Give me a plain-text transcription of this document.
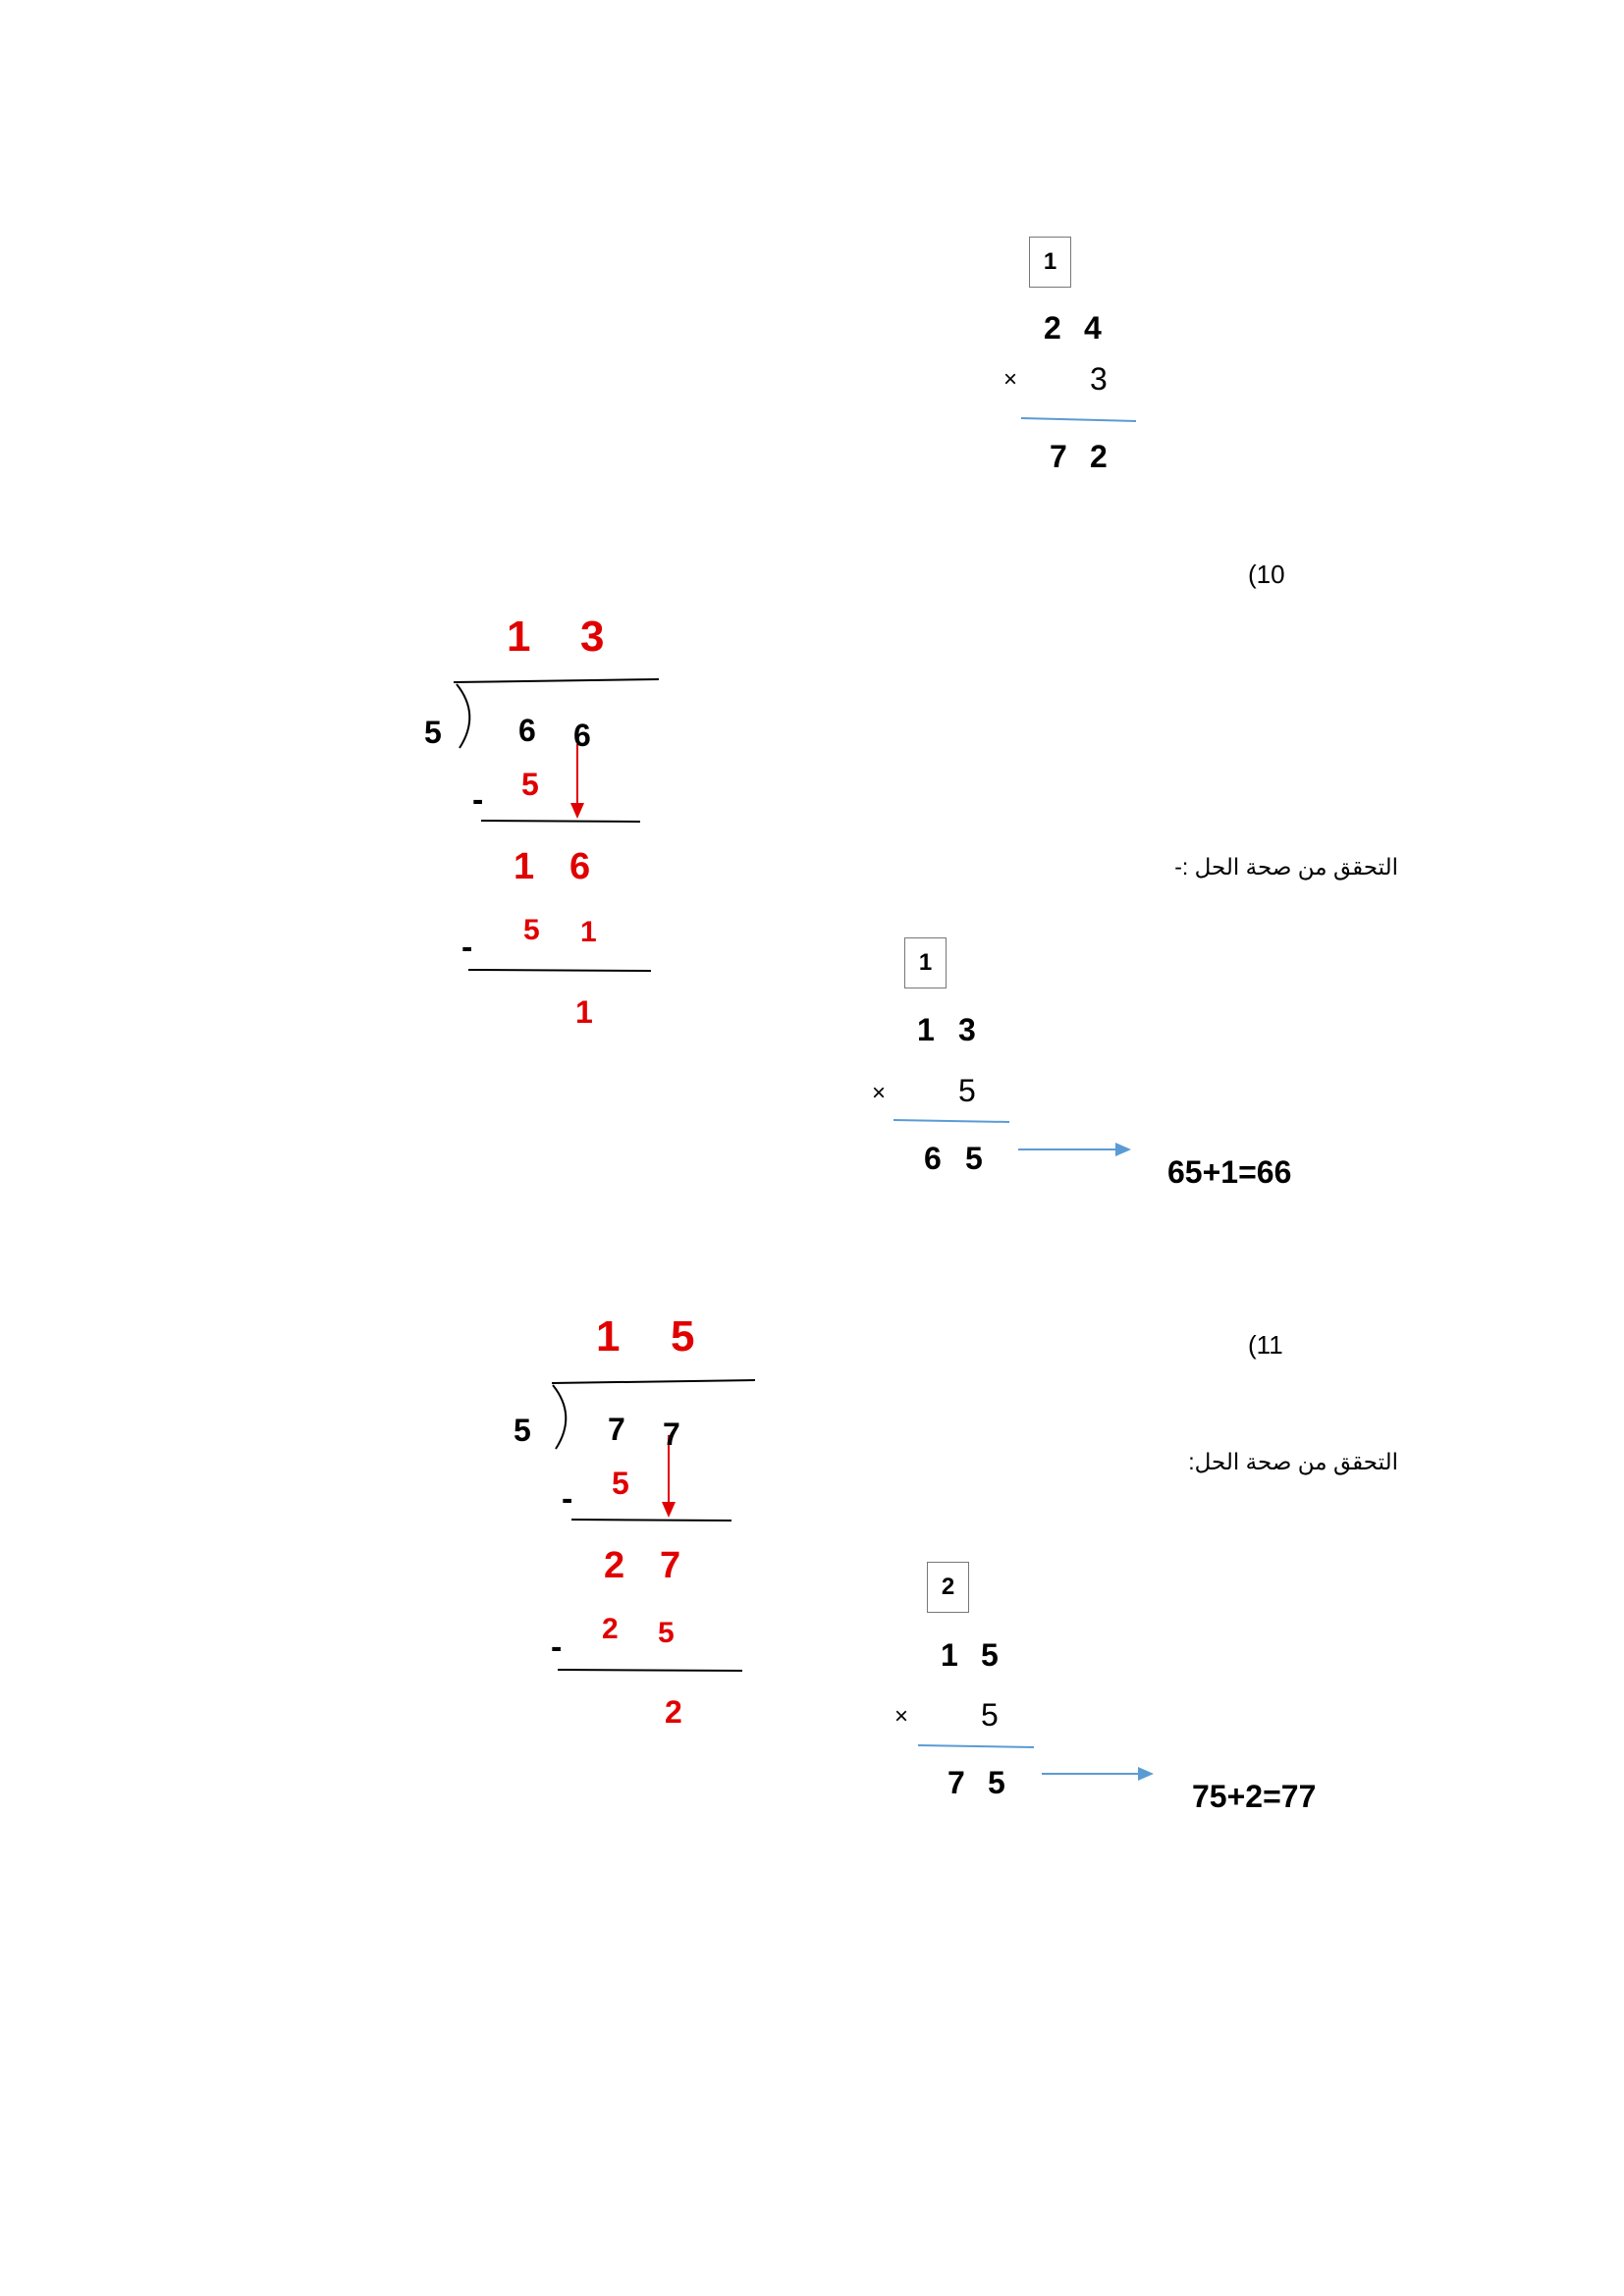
1
2 4
× 3
7 2
(10
1 3
5 6 6
5
-
1 6
5 1
-
1
التحقق من صحة الحل :-
1
1 3
× 5
6 5	65+1=66
(11
1 5
5 7 7
5
-
2 7
2 5
-
2
التحقق من صحة الحل:
2
1 5
× 5
7 5	75+2=77
